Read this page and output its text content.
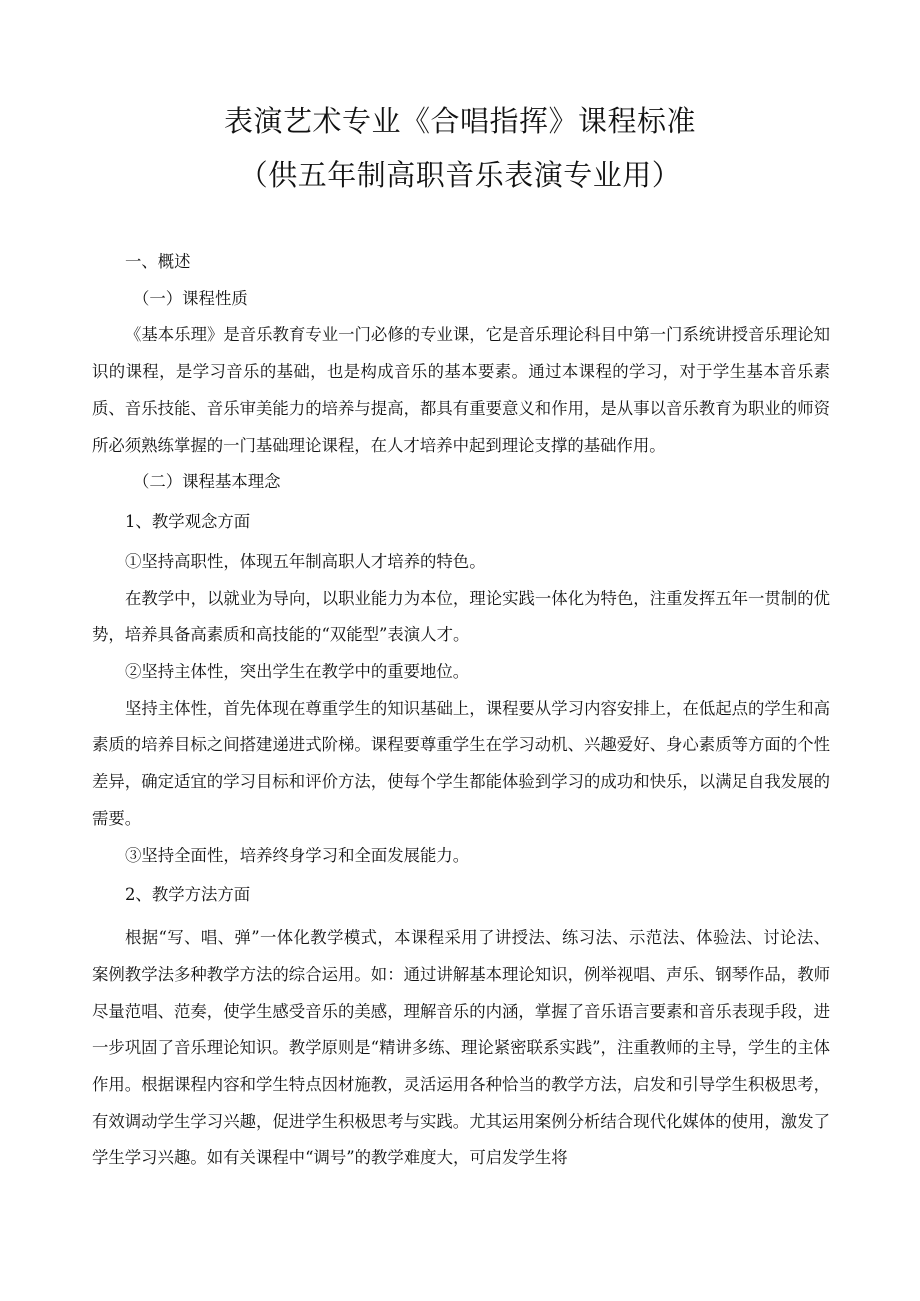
表演艺术专业《合唱指挥》课程标准
（供五年制高职音乐表演专业用）
一、概述
（一）课程性质

《基本乐理》是音乐教育专业一门必修的专业课，它是音乐理论科目中第一门系统讲授音乐理论知识的课程，是学习音乐的基础，也是构成音乐的基本要素。通过本课程的学习，对于学生基本音乐素质、音乐技能、音乐审美能力的培养与提高，都具有重要意义和作用，是从事以音乐教育为职业的师资所必须熟练掌握的一门基础理论课程，在人才培养中起到理论支撑的基础作用。

（二）课程基本理念
1、教学观念方面
①坚持高职性，体现五年制高职人才培养的特色。

在教学中，以就业为导向，以职业能力为本位，理论实践一体化为特色，注重发挥五年一贯制的优势，培养具备高素质和高技能的“双能型”表演人才。

②坚持主体性，突出学生在教学中的重要地位。

坚持主体性，首先体现在尊重学生的知识基础上，课程要从学习内容安排上，在低起点的学生和高素质的培养目标之间搭建递进式阶梯。课程要尊重学生在学习动机、兴趣爱好、身心素质等方面的个性差异，确定适宜的学习目标和评价方法，使每个学生都能体验到学习的成功和快乐，以满足自我发展的需要。

③坚持全面性，培养终身学习和全面发展能力。
2、教学方法方面

根据“写、唱、弹”一体化教学模式，本课程采用了讲授法、练习法、示范法、体验法、讨论法、案例教学法多种教学方法的综合运用。如：通过讲解基本理论知识，例举视唱、声乐、钢琴作品，教师尽量范唱、范奏，使学生感受音乐的美感，理解音乐的内涵，掌握了音乐语言要素和音乐表现手段，进一步巩固了音乐理论知识。教学原则是“精讲多练、理论紧密联系实践”，注重教师的主导，学生的主体作用。根据课程内容和学生特点因材施教，灵活运用各种恰当的教学方法，启发和引导学生积极思考，有效调动学生学习兴趣，促进学生积极思考与实践。尤其运用案例分析结合现代化媒体的使用，激发了学生学习兴趣。如有关课程中“调号”的教学难度大，可启发学生将
